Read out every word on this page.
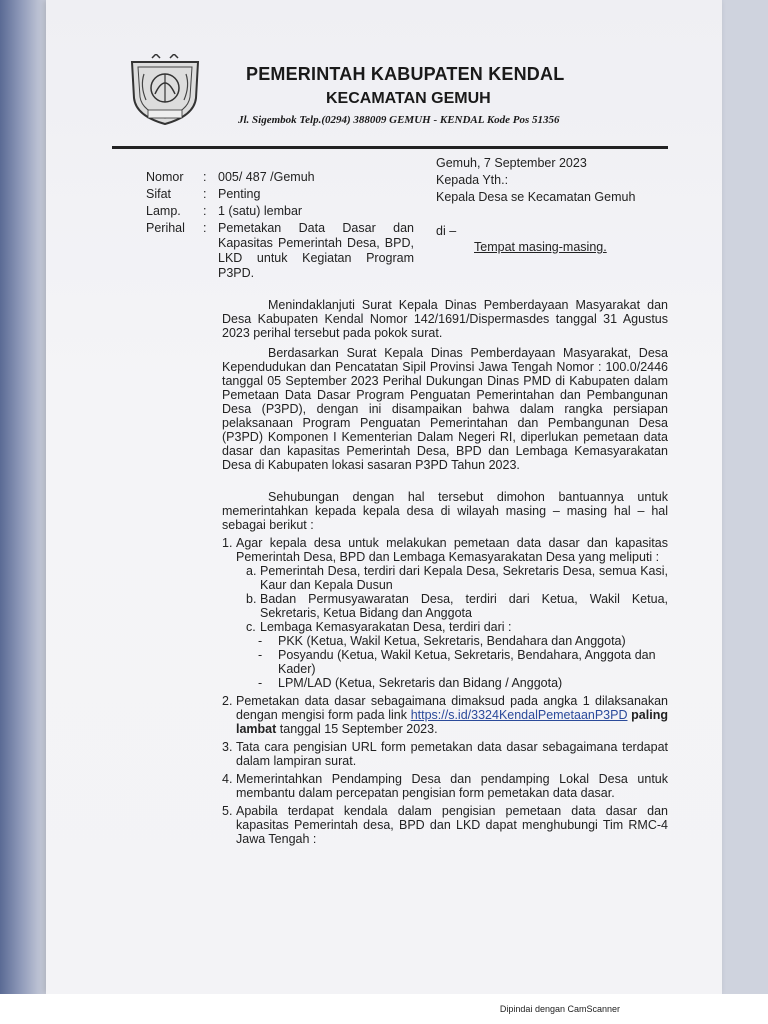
PEMERINTAH KABUPATEN KENDAL
KECAMATAN GEMUH
Jl. Sigembok Telp.(0294) 388009 GEMUH - KENDAL Kode Pos 51356
Nomor	: 005/ 487 /Gemuh
Sifat	: Penting
Lamp.	: 1 (satu) lembar
Perihal	: Pemetakan Data Dasar dan Kapasitas Pemerintah Desa, BPD, LKD untuk Kegiatan Program P3PD.
Gemuh, 7 September 2023
Kepada Yth.:
Kepala Desa se Kecamatan Gemuh
di –
Tempat masing-masing.
Menindaklanjuti Surat Kepala Dinas Pemberdayaan Masyarakat dan Desa Kabupaten Kendal Nomor 142/1691/Dispermasdes tanggal 31 Agustus 2023 perihal tersebut pada pokok surat.
Berdasarkan Surat Kepala Dinas Pemberdayaan Masyarakat, Desa Kependudukan dan Pencatatan Sipil Provinsi Jawa Tengah Nomor : 100.0/2446 tanggal 05 September 2023 Perihal Dukungan Dinas PMD di Kabupaten dalam Pemetaan Data Dasar Program Penguatan Pemerintahan dan Pembangunan Desa (P3PD), dengan ini disampaikan bahwa dalam rangka persiapan pelaksanaan Program Penguatan Pemerintahan dan Pembangunan Desa (P3PD) Komponen I Kementerian Dalam Negeri RI, diperlukan pemetaan data dasar dan kapasitas Pemerintah Desa, BPD dan Lembaga Kemasyarakatan Desa di Kabupaten lokasi sasaran P3PD Tahun 2023.
Sehubungan dengan hal tersebut dimohon bantuannya untuk memerintahkan kepada kepala desa di wilayah masing – masing hal – hal sebagai berikut :
1. Agar kepala desa untuk melakukan pemetaan data dasar dan kapasitas Pemerintah Desa, BPD dan Lembaga Kemasyarakatan Desa yang meliputi :
a. Pemerintah Desa, terdiri dari Kepala Desa, Sekretaris Desa, semua Kasi, Kaur dan Kepala Dusun
b. Badan Permusyawaratan Desa, terdiri dari Ketua, Wakil Ketua, Sekretaris, Ketua Bidang dan Anggota
c. Lembaga Kemasyarakatan Desa, terdiri dari :
- PKK (Ketua, Wakil Ketua, Sekretaris, Bendahara dan Anggota)
- Posyandu (Ketua, Wakil Ketua, Sekretaris, Bendahara, Anggota dan Kader)
- LPM/LAD (Ketua, Sekretaris dan Bidang / Anggota)
2. Pemetakan data dasar sebagaimana dimaksud pada angka 1 dilaksanakan dengan mengisi form pada link https://s.id/3324KendalPemetaanP3PD paling lambat tanggal 15 September 2023.
3. Tata cara pengisian URL form pemetakan data dasar sebagaimana terdapat dalam lampiran surat.
4. Memerintahkan Pendamping Desa dan pendamping Lokal Desa untuk membantu dalam percepatan pengisian form pemetakan data dasar.
5. Apabila terdapat kendala dalam pengisian pemetaan data dasar dan kapasitas Pemerintah desa, BPD dan LKD dapat menghubungi Tim RMC-4 Jawa Tengah :
Dipindai dengan CamScanner
